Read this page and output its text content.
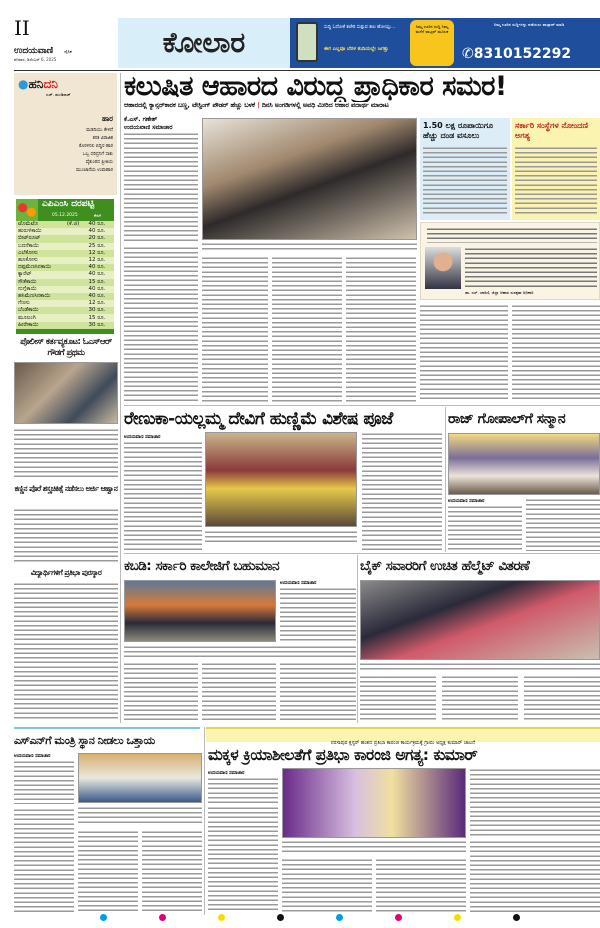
II
ಉದಯವಾಣಿ	ದೈನಿಕ
ಶನಿವಾರ, ಡಿಸೆಂಬರ್ 6, 2025
ಕೋಲಾರ	ಸುದ್ದಿ ಓದೋಕೆ ಕಚೇರಿ ಸುತ್ತುವ ಕಾಲ ಹೋಯ್ತು...
ಈಗ ಎಲ್ಲವೂ ಬೆರಳ ತುದಿಯಲ್ಲೇ ಜಗತ್ತು
ನಿಮ್ಮ ಊರಿನ ಸುದ್ದಿ ನಿಮ್ಮ ಮನೆಗೆ ವಾಟ್ಸಪ್ ಮೂಲಕ
ನಿಮ್ಮ ಊರಿನ ಸುದ್ದಿಗಳನ್ನು ಪಡೆಯಲು ವಾಟ್ಸಾಪ್ ಮಾಡಿ
✆8310152292
●ಹನಿದನಿ
ಎಚ್. ಡುಂಡಿರಾಜ್
ಹಾರ
ಮಡದಿಯು ಕೇಳಿದೆ
ಕನಕ ವಿರಾಜಿತ
ಕೊರಳಿನಲಿ ಬಿದ್ದಿರ ಹಾರ
ಒಬ್ಬ ದರಿದ್ರನಿಗೆ ಸಾಕು
ವೈಕುಂಠದ ಪ್ರೀತಿಯ
ಮುಂಜಾನೆಯ ಉಪಾಹಾರ
ಎಪಿಎಂಸಿ ದರಪಟ್ಟಿ
05.12.2025	ಕೆಜಿಗೆ
ಟೊಮೆಟೊ	(ಕೆ.ಜಿ)	40 ರೂ.
ಹುರುಳಿಕಾಯಿ		40 ರೂ.
ಬೀಟ್‌ರೂಟ್		20 ರೂ.
ಬದನೆಕಾಯಿ		25 ರೂ.
ಎಲೆಕೋಸು		12 ರೂ.
ಹೂಕೋಸು		12 ರೂ.
ದಪ್ಪಮೆಣಸಿನಕಾಯಿ		40 ರೂ.
ಕ್ಯಾರೆಟ್		40 ರೂ.
ಸೌತೆಕಾಯಿ		15 ರೂ.
ನುಗ್ಗೆಕಾಯಿ		40 ರೂ.
ಹಸಿಮೆಣಸಿನಕಾಯಿ		40 ರೂ.
ಗೆಣಸು		12 ರೂ.
ಬೆಂಡೆಕಾಯಿ		30 ರೂ.
ಮೂಲಂಗಿ		15 ರೂ.
ಹೀರೇಕಾಯಿ		30 ರೂ.
ಪೊಲೀಸ್ ಕರ್ತವ್ಯಕೂಟ: ಓಎಸ್‌ಆರ್ ಗೌಡಗೆ ಪ್ರಥಮ
ಕಣ್ಣಿನ ಪೊರೆ ಶಸ್ತ್ರಚಿಕಿತ್ಸೆ ನಡೆಸಲು ಅರ್ಜಿ ಆಹ್ವಾನ
ವಿದ್ಯಾರ್ಥಿಗಳಿಗೆ ಪ್ರತಿಭಾ ಪುರಸ್ಕಾರ
ಕಲುಷಿತ ಆಹಾರದ ವಿರುದ್ಧ ಪ್ರಾಧಿಕಾರ ಸಮರ!
ಆಹಾರದಲ್ಲಿ ಕ್ಯಾನ್ಸರ್‌ಕಾರಕ ಬಣ್ಣ, ಟೇಸ್ಟಿಂಗ್ ಪೌಡರ್ ಹೆಚ್ಚು ಬಳಕೆ | ದಿನಸಿ ಅಂಗಡಿಗಳಲ್ಲಿ ಅವಧಿ ಮೀರಿದ ಆಹಾರ ಪದಾರ್ಥ ಮಾರಾಟ
ಕೆ.ಎಸ್. ಗಣೇಶ್
ಉದಯವಾಣಿ ಸಮಾಚಾರ	1.50 ಲಕ್ಷ ರೂಪಾಯಿಗೂ ಹೆಚ್ಚು ದಂಡ ವಸೂಲು
ಸರ್ಕಾರಿ ಸಂಸ್ಥೆಗಳ ನೋಂದಣಿ ಅಗತ್ಯ
ಡಾ. ಎಸ್. ಚಾರಿಣಿ, ಜಿಲ್ಲಾ ಆಹಾರ ಸುರಕ್ಷತಾ ಅಧಿಕಾರಿ
ರೇಣುಕಾ-ಯಲ್ಲಮ್ಮ ದೇವಿಗೆ ಹುಣ್ಣಿಮೆ ವಿಶೇಷ ಪೂಜೆ	ರಾಜ್ ಗೋಪಾಲ್‌ಗೆ ಸನ್ಮಾನ
ಉದಯವಾಣಿ ಸಮಾಚಾರ
ಉದಯವಾಣಿ ಸಮಾಚಾರ
ಕಬಡಿ: ಸರ್ಕಾರಿ ಕಾಲೇಜಿಗೆ ಬಹುಮಾನ	ಬೈಕ್ ಸವಾರರಿಗೆ ಉಚಿತ ಹೆಲ್ಮೆಟ್ ವಿತರಣೆ
ಉದಯವಾಣಿ ಸಮಾಚಾರ
ಎಸ್‌ಎನ್‌ಗೆ ಮಂತ್ರಿ ಸ್ಥಾನ ನೀಡಲು ಒತ್ತಾಯ
ಉದಯವಾಣಿ ಸಮಾಚಾರ
ನರಸಾಪುರ ಕ್ಲಸ್ಟರ್ ಹಂತದ ಪ್ರತಿಭಾ ಕಾರಂಜಿ ಕಾರ್ಯಕ್ರಮಕ್ಕೆ ಗ್ರಾಪಂ ಅಧ್ಯಕ್ಷ ಕುಮಾರ್ ಚಾಲನೆ
ಮಕ್ಕಳ ಕ್ರಿಯಾಶೀಲತೆಗೆ ಪ್ರತಿಭಾ ಕಾರಂಜಿ ಅಗತ್ಯ: ಕುಮಾರ್
ಉದಯವಾಣಿ ಸಮಾಚಾರ
